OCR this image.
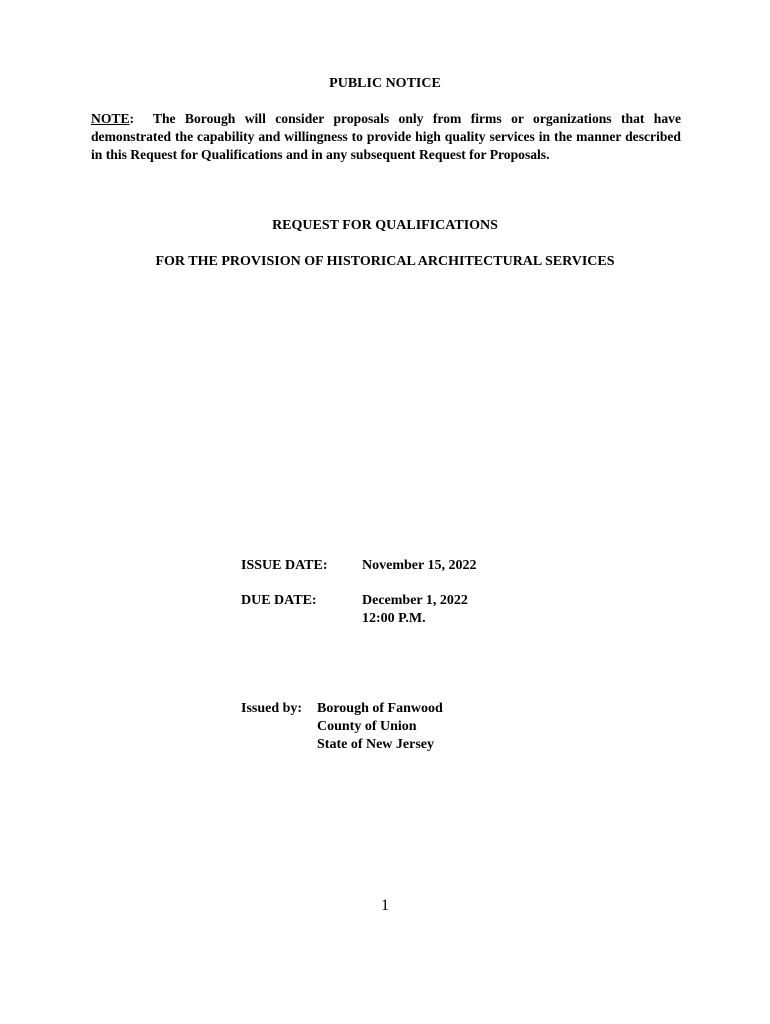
PUBLIC NOTICE
NOTE: The Borough will consider proposals only from firms or organizations that have demonstrated the capability and willingness to provide high quality services in the manner described in this Request for Qualifications and in any subsequent Request for Proposals.
REQUEST FOR QUALIFICATIONS
FOR THE PROVISION OF HISTORICAL ARCHITECTURAL SERVICES
ISSUE DATE: November 15, 2022
DUE DATE:	December 1, 2022
12:00 P.M.
Issued by: Borough of Fanwood
County of Union
State of New Jersey
1
